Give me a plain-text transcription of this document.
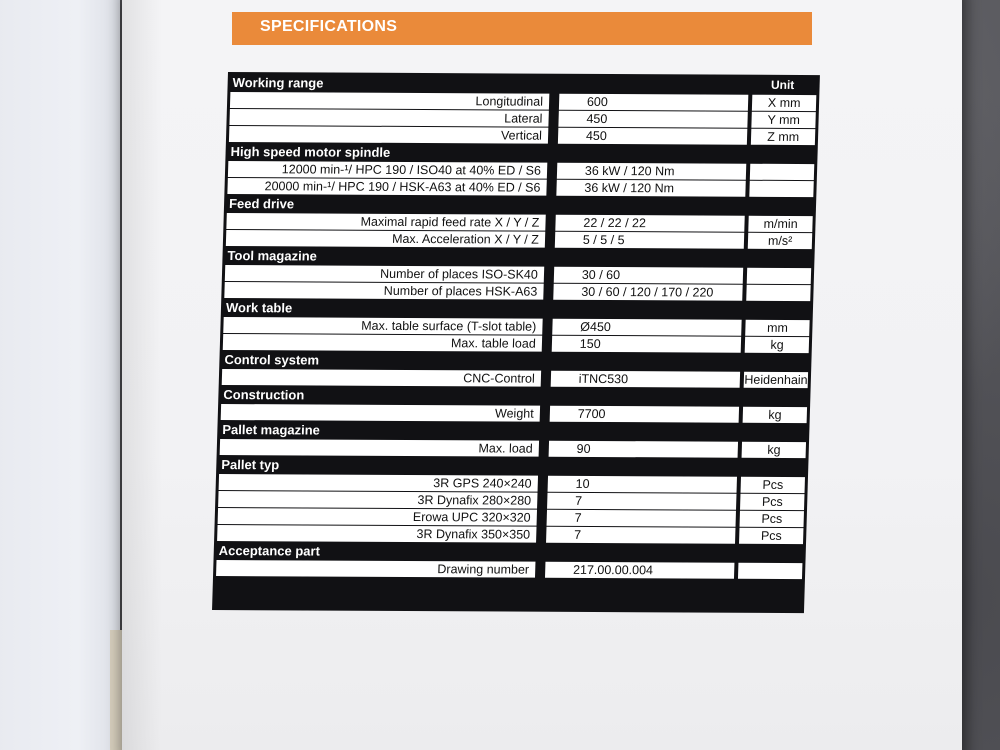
SPECIFICATIONS
Working range	Unit
Longitudinal	600	X mm
Lateral	450	Y mm
Vertical	450	Z mm
High speed motor spindle
12000 min-¹/ HPC 190 / ISO40 at 40% ED / S6	36 kW / 120 Nm
20000 min-¹/ HPC 190 / HSK-A63 at 40% ED / S6	36 kW / 120 Nm
Feed drive
Maximal rapid feed rate X / Y / Z	22 / 22 / 22	m/min
Max. Acceleration X / Y / Z	5 / 5 / 5	m/s²
Tool magazine
Number of places ISO-SK40	30 / 60
Number of places HSK-A63	30 / 60 / 120 / 170 / 220
Work table
Max. table surface (T-slot table)	Ø450	mm
Max. table load	150	kg
Control system
CNC-Control	iTNC530	Heidenhain
Construction
Weight	7700	kg
Pallet magazine
Max. load	90	kg
Pallet typ
3R GPS 240×240	10	Pcs
3R Dynafix 280×280	7	Pcs
Erowa UPC 320×320	7	Pcs
3R Dynafix 350×350	7	Pcs
Acceptance part
Drawing number	217.00.00.004
